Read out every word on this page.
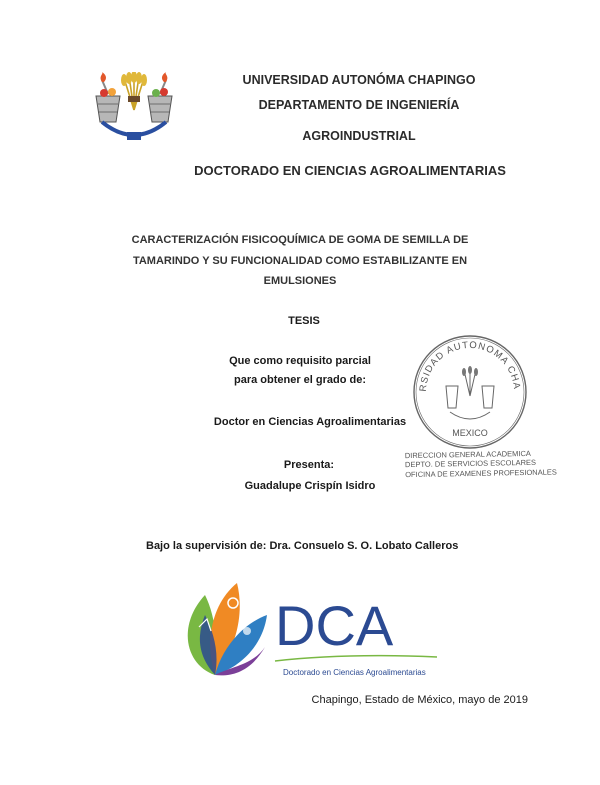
UNIVERSIDAD AUTONÓMA CHAPINGO
DEPARTAMENTO DE INGENIERÍA
AGROINDUSTRIAL
DOCTORADO EN CIENCIAS AGROALIMENTARIAS
CARACTERIZACIÓN FISICOQUÍMICA DE GOMA DE SEMILLA DE
TAMARINDO Y SU FUNCIONALIDAD COMO ESTABILIZANTE EN
EMULSIONES
TESIS
Que como requisito parcial
para obtener el grado de:
Doctor en Ciencias Agroalimentarias
Presenta:
Guadalupe Crispín Isidro
RSIDAD AUTONOMA CHA
MEXICO
DIRECCION GENERAL ACADEMICA
DEPTO. DE SERVICIOS ESCOLARES
OFICINA DE EXAMENES PROFESIONALES
Bajo la supervisión de: Dra. Consuelo S. O. Lobato Calleros
DCA
Doctorado en Ciencias Agroalimentarias
Chapingo, Estado de México, mayo de 2019
